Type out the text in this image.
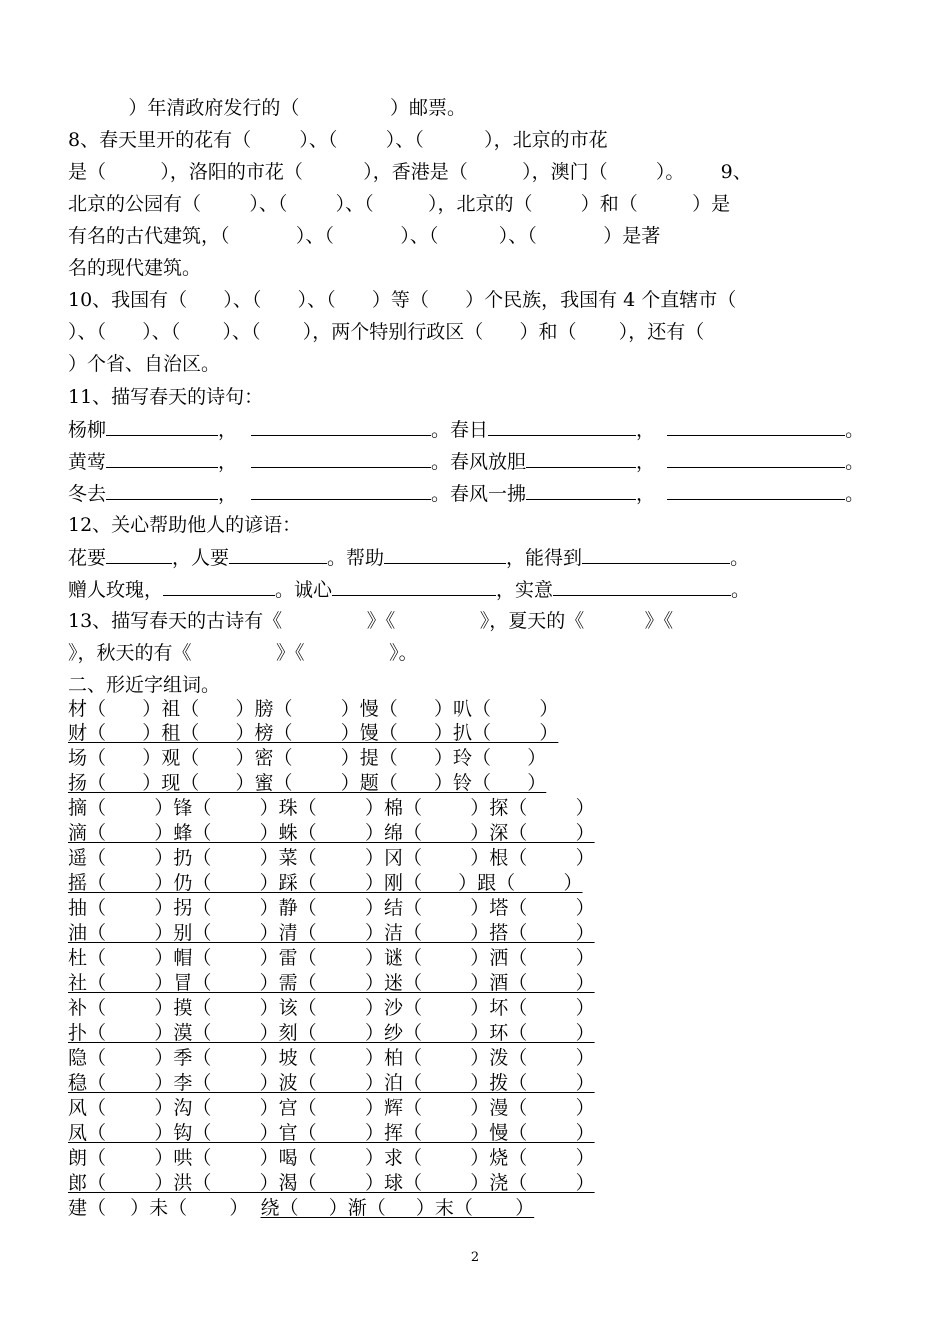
）年清政府发行的（               ）邮票。
8、春天里开的花有（        ）、（        ）、（          ），北京的市花
是（         ），洛阳的市花（          ），香港是（         ），澳门（        ）。      9、
北京的公园有（        ）、（        ）、（         ），北京的（        ）和（         ）是
有名的古代建筑，（           ）、（           ）、（          ）、（           ）是著
名的现代建筑。
10、我国有（      ）、（      ）、（      ）等（      ）个民族，我国有 4 个直辖市（
）、（      ）、（       ）、（       ），两个特别行政区（      ）和（       ），还有（
）个省、自治区。
11、描写春天的诗句：
杨柳	，	。春日	，	。
黄莺	，	。春风放胆	，	。
冬去	，	。春风一拂	，	。
12、关心帮助他人的谚语：
花要	，人要	。帮助	，能得到	。
赠人玫瑰，	。诚心	，实意	。
13、描写春天的古诗有《              》《              》，夏天的《          》《
》，秋天的有《              》《              》。
二、形近字组词。
材（      ）祖（      ）膀（        ）慢（      ）叭（        ）
财（      ）租（      ）榜（        ）馒（      ）扒（        ）
场（      ）观（      ）密（        ）提（      ）玲（      ）
扬（      ）现（      ）蜜（        ）题（      ）铃（      ）
摘（        ）锋（        ）珠（        ）棉（        ）探（        ）
滴（        ）蜂（        ）蛛（        ）绵（        ）深（        ）
遥（        ）扔（        ）菜（        ）冈（        ）根（        ）
摇（        ）仍（        ）踩（        ）刚（      ）跟（        ）
抽（        ）拐（        ）静（        ）结（        ）塔（        ）
油（        ）别（        ）清（        ）洁（        ）搭（        ）
杜（        ）帽（        ）雷（        ）谜（        ）洒（        ）
社（        ）冒（        ）需（        ）迷（        ）酒（        ）
补（        ）摸（        ）该（        ）沙（        ）坏（        ）
扑（        ）漠（        ）刻（        ）纱（        ）环（        ）
隐（        ）季（        ）坡（        ）柏（        ）泼（        ）
稳（        ）李（        ）波（        ）泊（        ）拨（        ）
风（        ）沟（        ）宫（        ）辉（        ）漫（        ）
凤（        ）钩（        ）官（        ）挥（        ）慢（        ）
朗（        ）哄（        ）喝（        ）求（        ）烧（        ）
郎（        ）洪（        ）渴（        ）球（        ）浇（        ）
建（    ）未（       ）  绕（     ）渐（     ）末（       ）
2
